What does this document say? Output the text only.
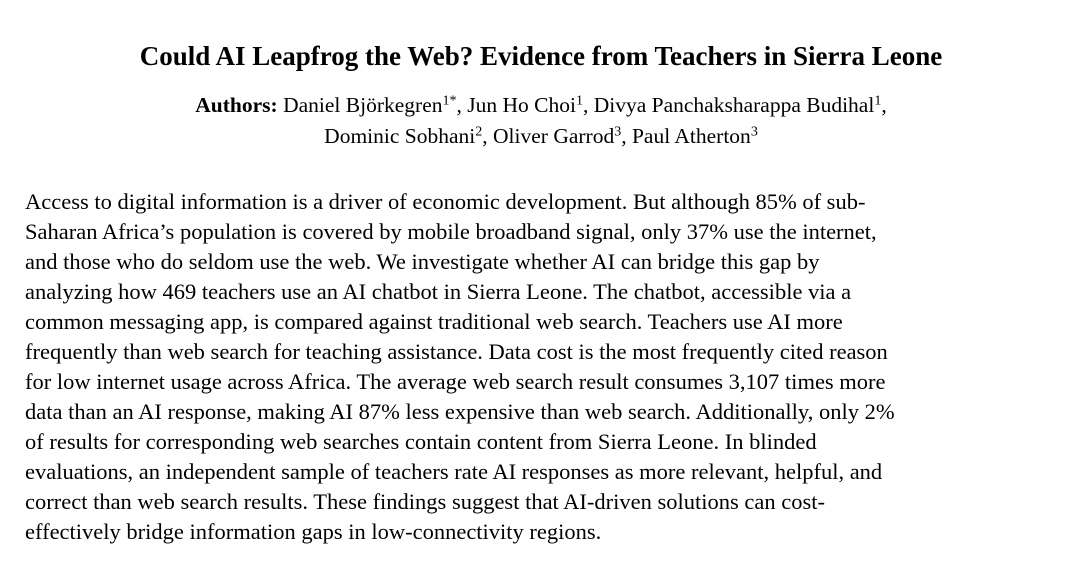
Could AI Leapfrog the Web? Evidence from Teachers in Sierra Leone
Authors: Daniel Björkegren$^{1*}$, Jun Ho Choi$^1$, Divya Panchaksharappa Budihal$^1$,
Dominic Sobhani$^2$, Oliver Garrod$^3$, Paul Atherton$^3$
Access to digital information is a driver of economic development. But although 85% of sub-
Saharan Africa’s population is covered by mobile broadband signal, only 37% use the internet,
and those who do seldom use the web. We investigate whether AI can bridge this gap by
analyzing how 469 teachers use an AI chatbot in Sierra Leone. The chatbot, accessible via a
common messaging app, is compared against traditional web search. Teachers use AI more
frequently than web search for teaching assistance. Data cost is the most frequently cited reason
for low internet usage across Africa. The average web search result consumes 3,107 times more
data than an AI response, making AI 87% less expensive than web search. Additionally, only 2%
of results for corresponding web searches contain content from Sierra Leone. In blinded
evaluations, an independent sample of teachers rate AI responses as more relevant, helpful, and
correct than web search results. These findings suggest that AI-driven solutions can cost-
effectively bridge information gaps in low-connectivity regions.
